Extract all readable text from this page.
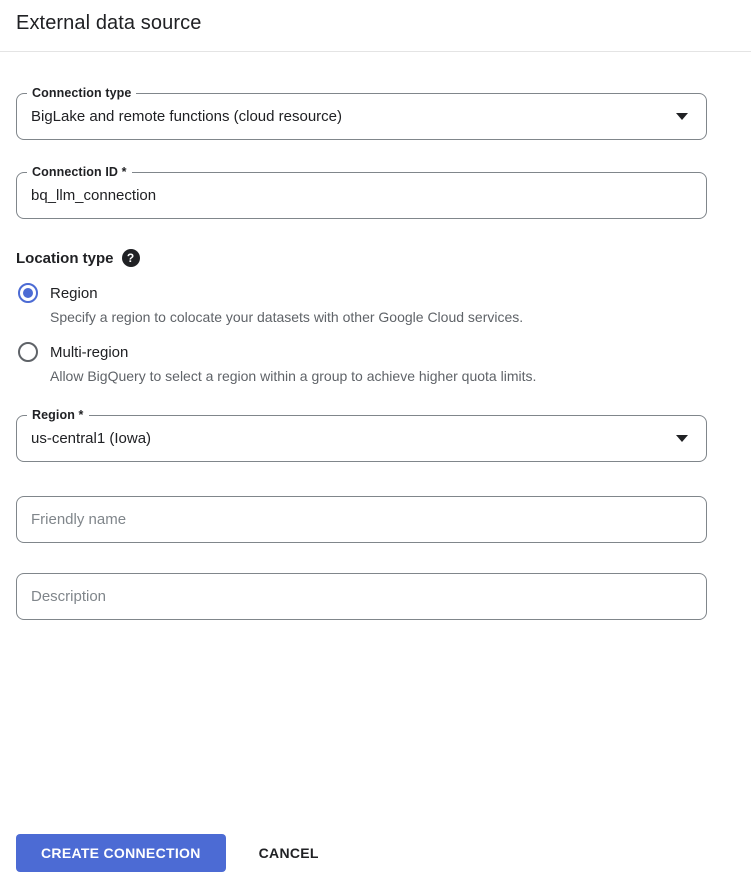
External data source
Connection type
BigLake and remote functions (cloud resource)
Connection ID *
bq_llm_connection
Location type	?
Region
Specify a region to colocate your datasets with other Google Cloud services.
Multi-region
Allow BigQuery to select a region within a group to achieve higher quota limits.
Region *
us-central1 (Iowa)
Friendly name
Description
CREATE CONNECTION	CANCEL
